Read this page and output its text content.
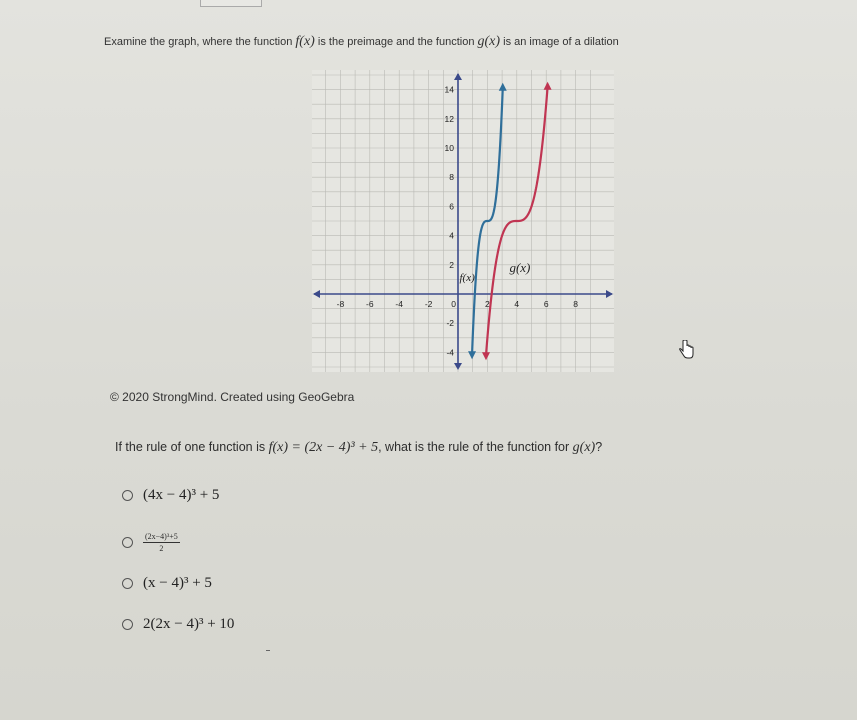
Examine the graph, where the function f(x) is the preimage and the function g(x) is an image of a dilation
-8	-6	-4	-2 0	2	4	6	8
14
12
10
8
6
4
2
-2
-4
f(x)
g(x)
© 2020 StrongMind. Created using GeoGebra
If the rule of one function is f(x) = (2x − 4)³ + 5, what is the rule of the function for g(x)?
(4x − 4)³ + 5
$\frac{\text{(2x−4)³+5}}{2}$
(x − 4)³ + 5
2(2x − 4)³ + 10
